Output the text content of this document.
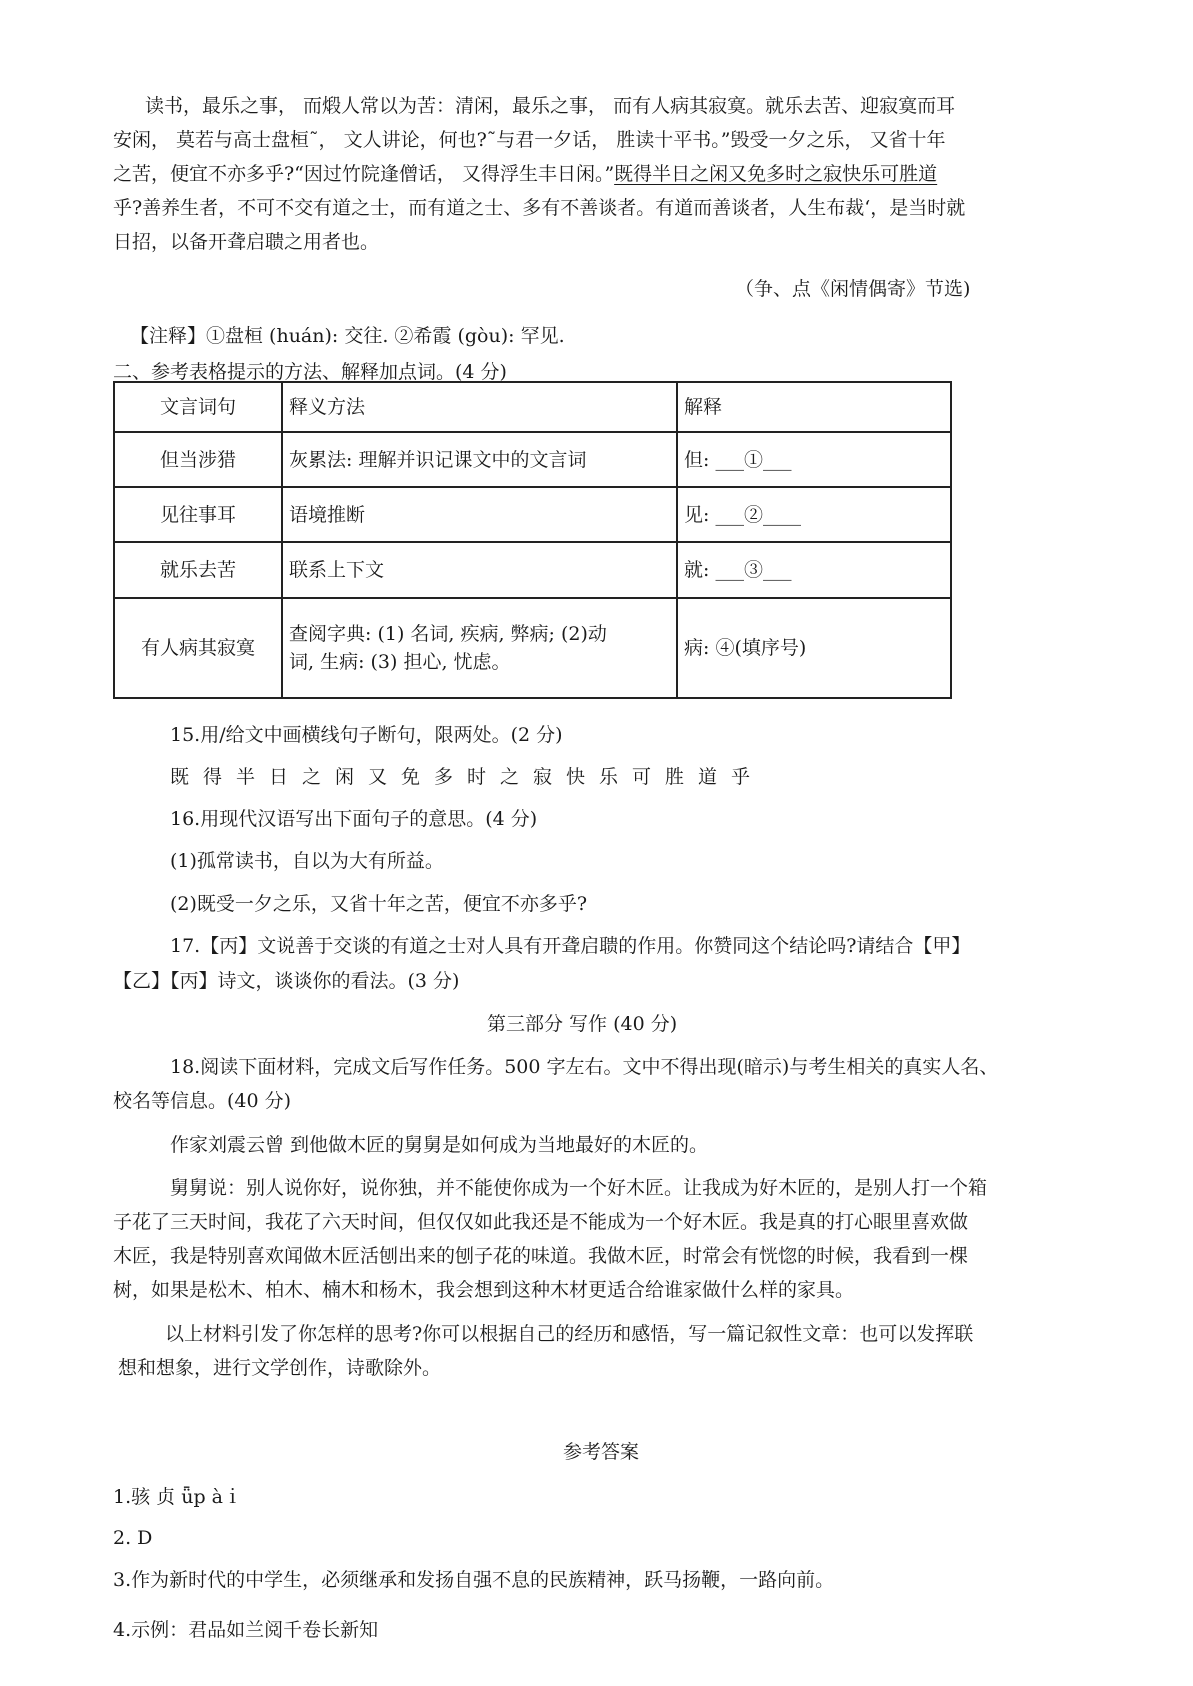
读书，最乐之事， 而煅人常以为苦：清闲，最乐之事， 而有人病其寂寞。就乐去苦、迎寂寞而耳
安闲， 莫若与高士盘桓˜， 文人讲论，何也?˜与君一夕话， 胜读十平书。”毁受一夕之乐， 又省十年
之苦，便宜不亦多乎?“因过竹院逢僧话， 又得浮生丰日闲。”既得半日之闲又免多时之寂快乐可胜道
乎?善养生者，不可不交有道之士，而有道之士、多有不善谈者。有道而善谈者，人生布裁‘，是当时就
日招，以备开聋启聩之用者也。
（争、点《闲情偶寄》节选)
【注释】①盘桓 (huán): 交往. ②希霞 (gòu): 罕见.
二、参考表格提示的方法、解释加点词。(4 分)
文言词句	释义方法	解释
但当涉猎	灰累法: 理解并识记课文中的文言词	但: ___①___
见往事耳	语境推断	见: ___②____
就乐去苦	联系上下文	就: ___③___
有人病其寂寞	查阅字典: (1) 名词, 疾病, 弊病; (2)动
词, 生病: (3) 担心, 忧虑。	病: ④(填序号)
15.用/给文中画横线句子断句，限两处。(2 分)
既得半日之闲又免多时之寂快乐可胜道乎
16.用现代汉语写出下面句子的意思。(4 分)
(1)孤常读书，自以为大有所益。
(2)既受一夕之乐，又省十年之苦，便宜不亦多乎?
17.【丙】文说善于交谈的有道之士对人具有开聋启聩的作用。你赞同这个结论吗?请结合【甲】
【乙】【丙】诗文，谈谈你的看法。(3 分)
第三部分 写作 (40 分)
18.阅读下面材料，完成文后写作任务。500 字左右。文中不得出现(暗示)与考生相关的真实人名、
校名等信息。(40 分)
作家刘震云曾 到他做木匠的舅舅是如何成为当地最好的木匠的。
舅舅说：别人说你好，说你独，并不能使你成为一个好木匠。让我成为好木匠的，是别人打一个箱
子花了三天时间，我花了六天时间，但仅仅如此我还是不能成为一个好木匠。我是真的打心眼里喜欢做
木匠，我是特别喜欢闻做木匠活刨出来的刨子花的味道。我做木匠，时常会有恍惚的时候，我看到一棵
树，如果是松木、柏木、楠木和杨木，我会想到这种木材更适合给谁家做什么样的家具。
以上材料引发了你怎样的思考?你可以根据自己的经历和感悟，写一篇记叙性文章：也可以发挥联
想和想象，进行文学创作，诗歌除外。
参考答案
1.骇 贞 ǖp àｉ
2. D
3.作为新时代的中学生，必须继承和发扬自强不息的民族精神，跃马扬鞭，一路向前。
4.示例：君品如兰阅千卷长新知
